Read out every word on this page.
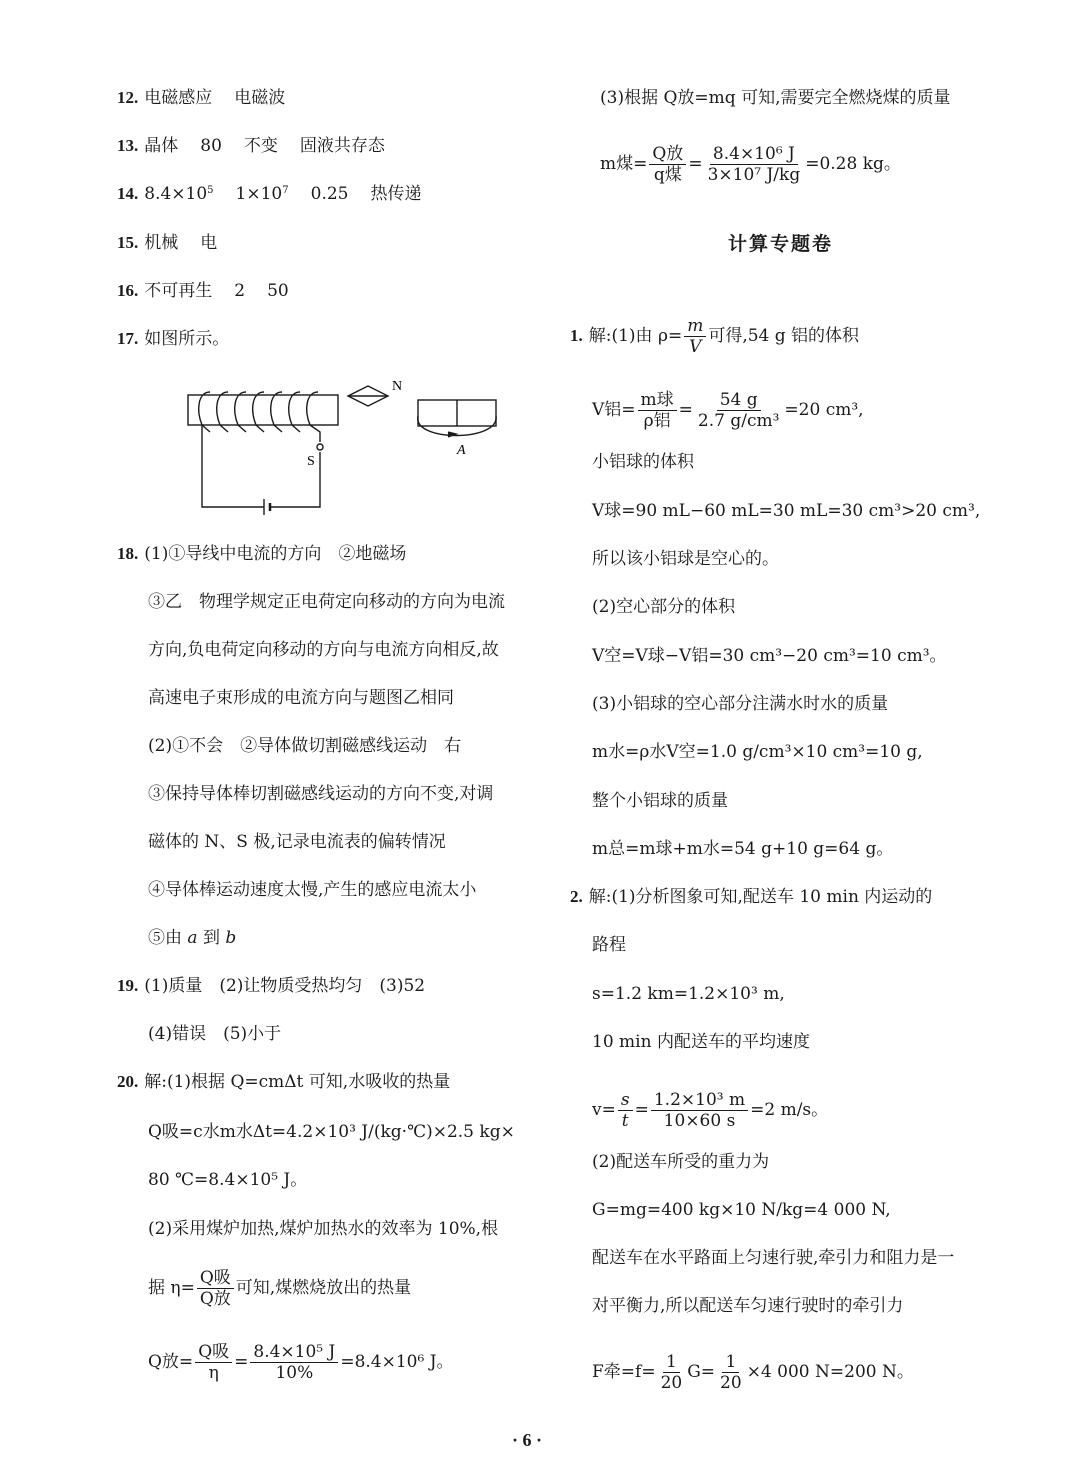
12. 电磁感应 电磁波
13. 晶体 80 不变 固液共存态
14. $8.4\times 10^5$ $1\times 10^7$ 0.25 热传递
15. 机械 电
16. 不可再生 2 50
17. 如图所示。
N
S
A
18. (1)①导线中电流的方向　②地磁场
③乙　物理学规定正电荷定向移动的方向为电流
方向,负电荷定向移动的方向与电流方向相反,故
高速电子束形成的电流方向与题图乙相同
(2)①不会　②导体做切割磁感线运动　右
③保持导体棒切割磁感线运动的方向不变,对调
磁体的 N、S 极,记录电流表的偏转情况
④导体棒运动速度太慢,产生的感应电流太小
⑤由 a 到 b
19. (1)质量　(2)让物质受热均匀　(3)52
(4)错误　(5)小于
20. 解:(1)根据 Q=cmΔt 可知,水吸收的热量
Q吸=c水m水Δt=4.2×10³ J/(kg·℃)×2.5 kg×
80 ℃=8.4×10⁵ J。
(2)采用煤炉加热,煤炉加热水的效率为 10%,根
据 $\eta= \frac{\text{Q吸}}{\text{Q放}}$ 可知,煤燃烧放出的热量
Q放= $\frac{\text{Q吸}}{\eta} = \frac{\text{8.4×10⁵ J}}{10\%} =8.4\times 10^6$ J。
(3)根据 Q放=mq 可知,需要完全燃烧煤的质量
m煤= $\frac{\text{Q放}}{\text{q煤}} = \frac{\text{8.4×10⁶ J}}{\text{3×10⁷ J/kg}} =0.28$ kg。
计算专题卷
1. 解:(1)由 $\rho= \frac{m}{V}$ 可得,54 g 铝的体积
V铝= $\frac{\text{m球}}{\text{ρ铝}} = \frac{54 g}{\text{2.7 g/cm³}} =20$ cm³,
小铝球的体积
V球=90 mL−60 mL=30 mL=30 cm³>20 cm³,
所以该小铝球是空心的。
(2)空心部分的体积
V空=V球−V铝=30 cm³−20 cm³=10 cm³。
(3)小铝球的空心部分注满水时水的质量
m水=ρ水V空=1.0 g/cm³×10 cm³=10 g,
整个小铝球的质量
m总=m球+m水=54 g+10 g=64 g。
2. 解:(1)分析图象可知,配送车 10 min 内运动的
路程
s=1.2 km=1.2×10³ m,
10 min 内配送车的平均速度
$v= \frac{s}{t} = \frac{\text{1.2×10³ m}}{10\times 60 s} =2$ m/s。
(2)配送车所受的重力为
G=mg=400 kg×10 N/kg=4 000 N,
配送车在水平路面上匀速行驶,牵引力和阻力是一
对平衡力,所以配送车匀速行驶时的牵引力
F牵$=f= \frac{1}{20} G= \frac{1}{20} \times 4$ 000 N=200 N。
· 6 ·
